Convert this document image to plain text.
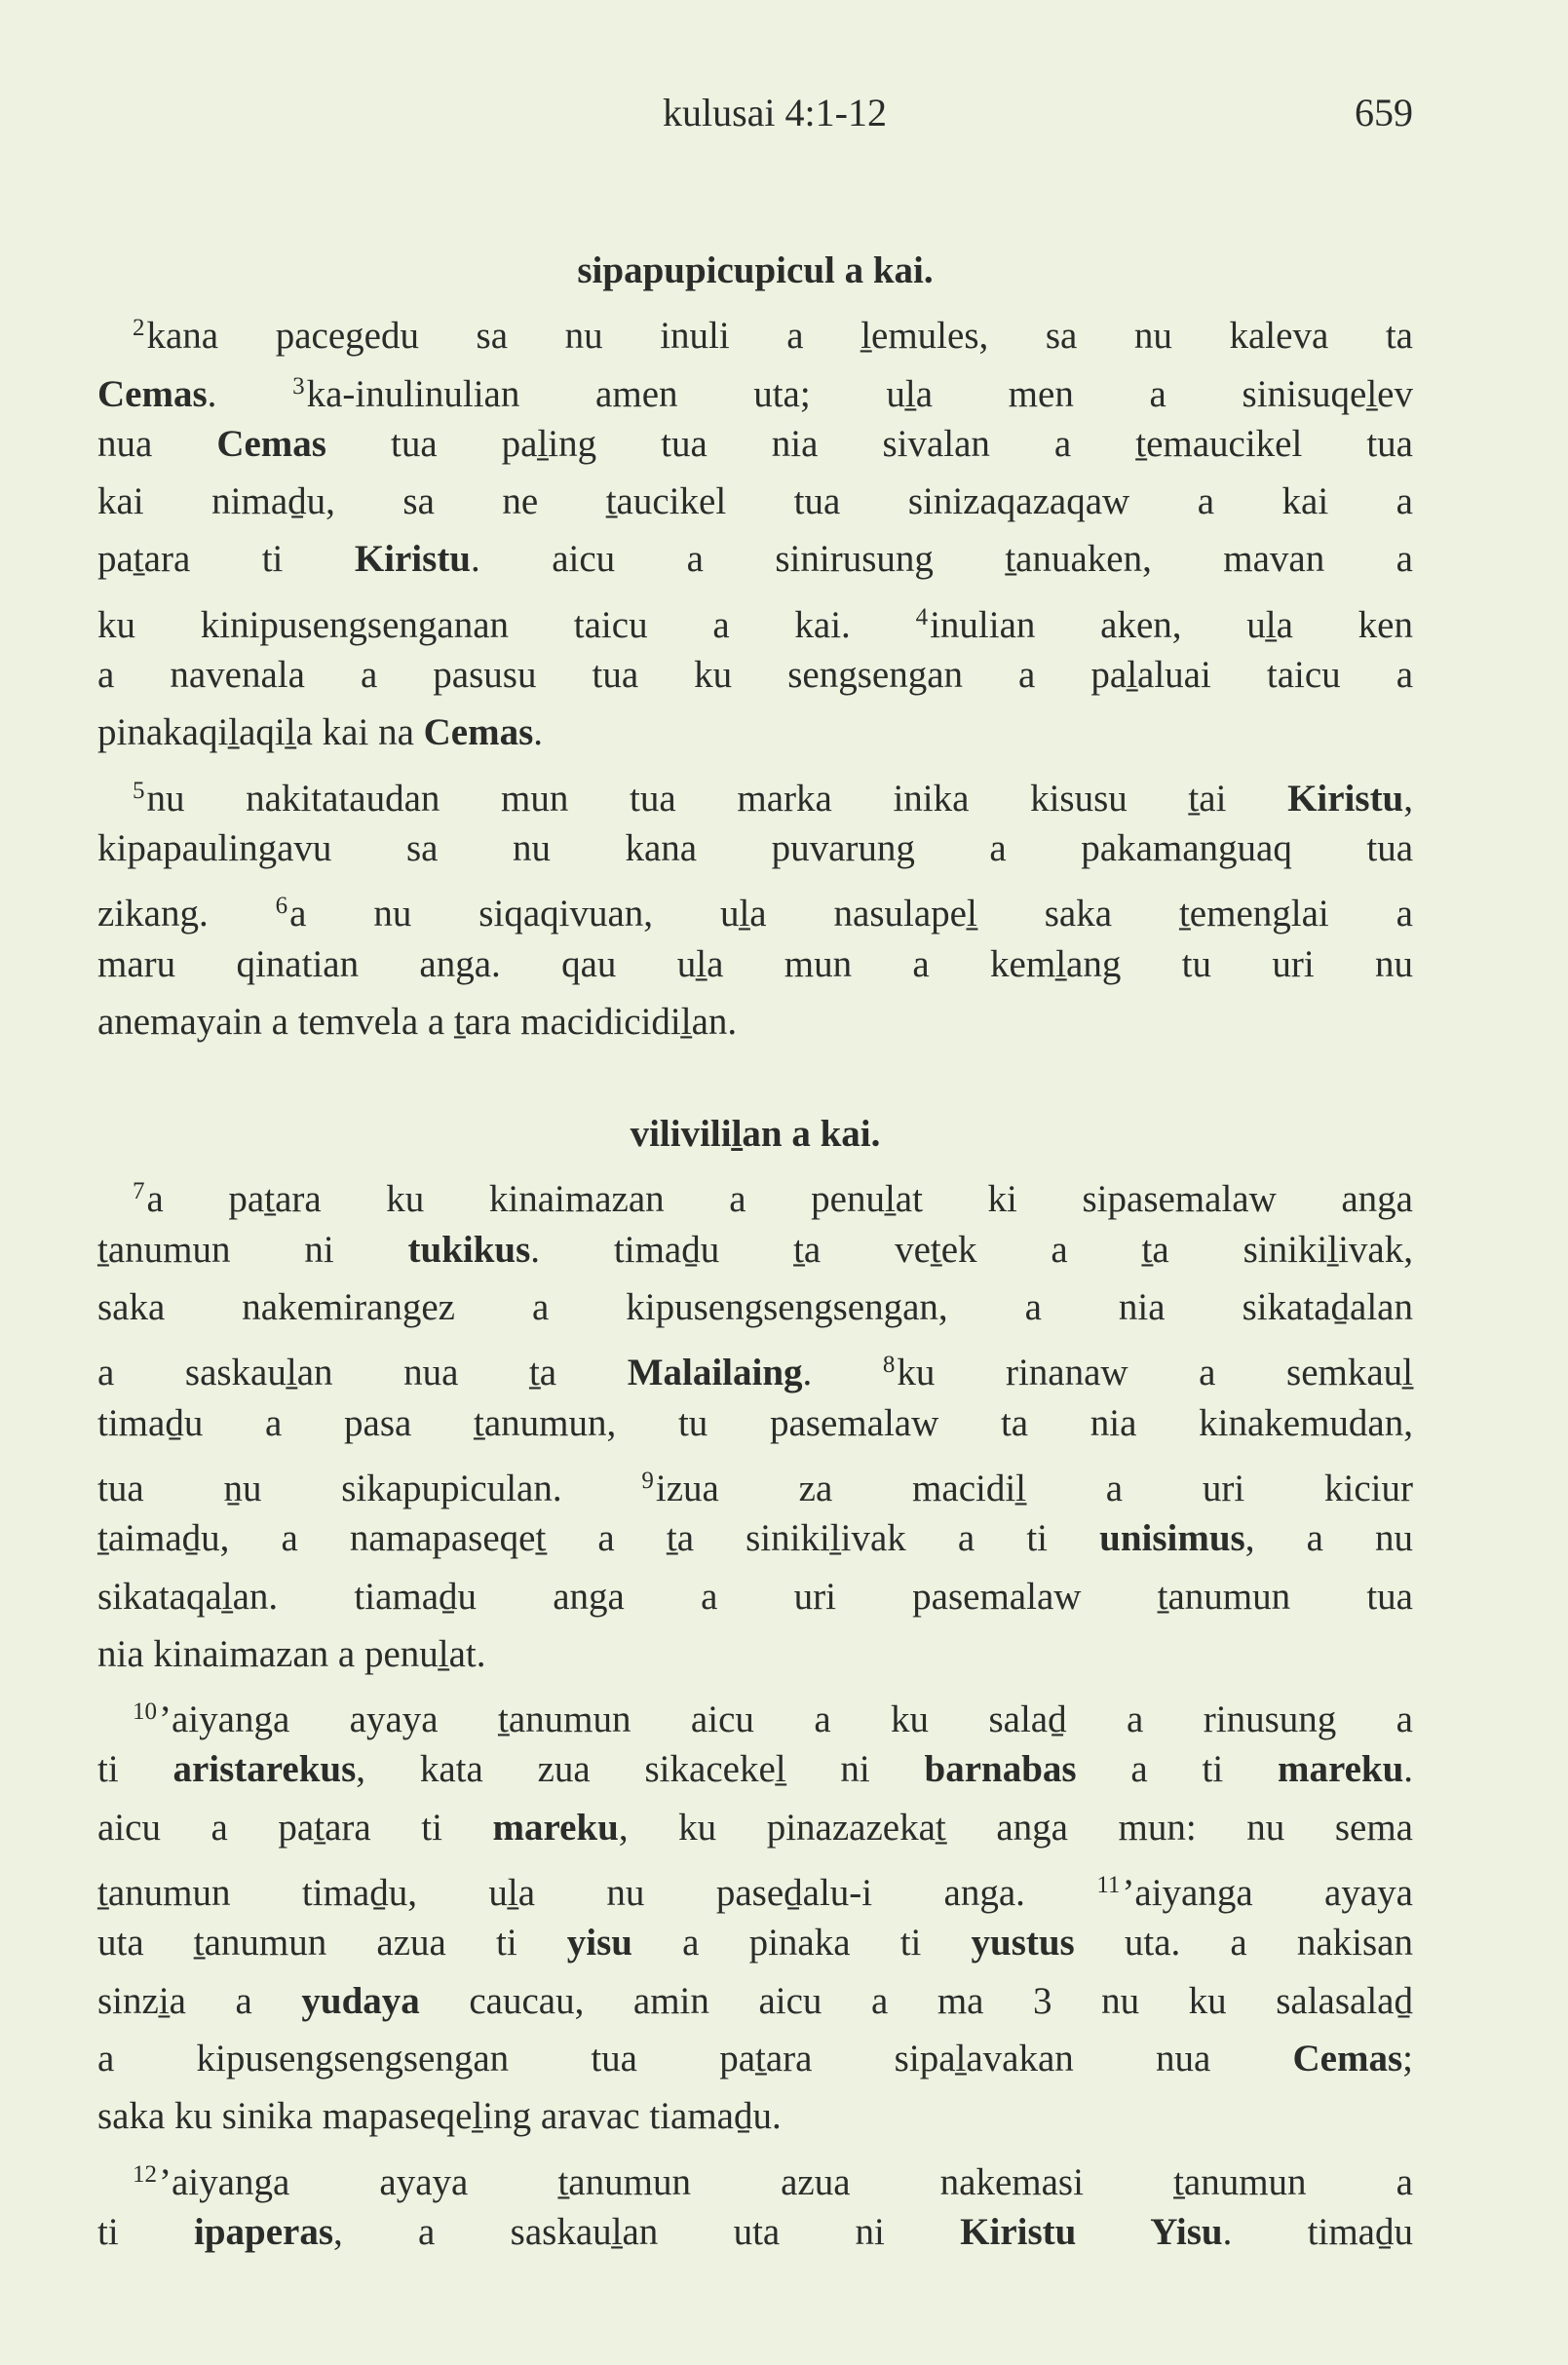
kulusai 4:1-12	659
sipapupicupicul a kai.
$^2$kana pacegedu sa nu inuli a ḻemules, sa nu kaleva ta
Cemas. $^3$ka-inulinulian amen uta; uḻa men a sinisuqeḻev
nua Cemas tua paḻing tua nia sivalan a ṯemaucikel tua
kai nimaḏu, sa ne ṯaucikel tua sinizaqazaqaw a kai a
paṯara ti Kiristu. aicu a sinirusung ṯanuaken, mavan a
ku kinipusengsenganan taicu a kai. $^4$inulian aken, uḻa ken
a navenala a pasusu tua ku sengsengan a paḻaluai taicu a
pinakaqiḻaqiḻa kai na Cemas.
$^5$nu nakitataudan mun tua marka inika kisusu ṯai Kiristu,
kipapaulingavu sa nu kana puvarung a pakamanguaq tua
zikang. $^6$a nu siqaqivuan, uḻa nasulapeḻ saka ṯemenglai a
maru qinatian anga. qau uḻa mun a kemḻang tu uri nu
anemayain a temvela a ṯara macidicidiḻan.
viliviliḻan a kai.
$^7$a paṯara ku kinaimazan a penuḻat ki sipasemalaw anga
ṯanumun ni tukikus. timaḏu ṯa veṯek a ṯa sinikiḻivak,
saka nakemirangez a kipusengsengsengan, a nia sikataḏalan
a saskauḻan nua ṯa Malailaing. $^8$ku rinanaw a semkauḻ
timaḏu a pasa ṯanumun, tu pasemalaw ta nia kinakemudan,
tua ṉu sikapupiculan. $^9$izua za macidiḻ a uri kiciur
ṯaimaḏu, a namapaseqeṯ a ṯa sinikiḻivak a ti unisimus, a nu
sikataqaḻan. tiamaḏu anga a uri pasemalaw ṯanumun tua
nia kinaimazan a penuḻat.
$^{10}$’aiyanga ayaya ṯanumun aicu a ku salaḏ a rinusung a
ti aristarekus, kata zua sikacekeḻ ni barnabas a ti mareku.
aicu a paṯara ti mareku, ku pinazazekaṯ anga mun: nu sema
ṯanumun timaḏu, uḻa nu paseḏalu-i anga. $^{11}$’aiyanga ayaya
uta ṯanumun azua ti yisu a pinaka ti yustus uta. a nakisan
sinzi̱a a yudaya caucau, amin aicu a ma 3 nu ku salasalaḏ
a kipusengsengsengan tua paṯara sipaḻavakan nua Cemas;
saka ku sinika mapaseqeḻing aravac tiamaḏu.
$^{12}$’aiyanga ayaya ṯanumun azua nakemasi ṯanumun a
ti ipaperas, a saskauḻan uta ni Kiristu Yisu. timaḏu
